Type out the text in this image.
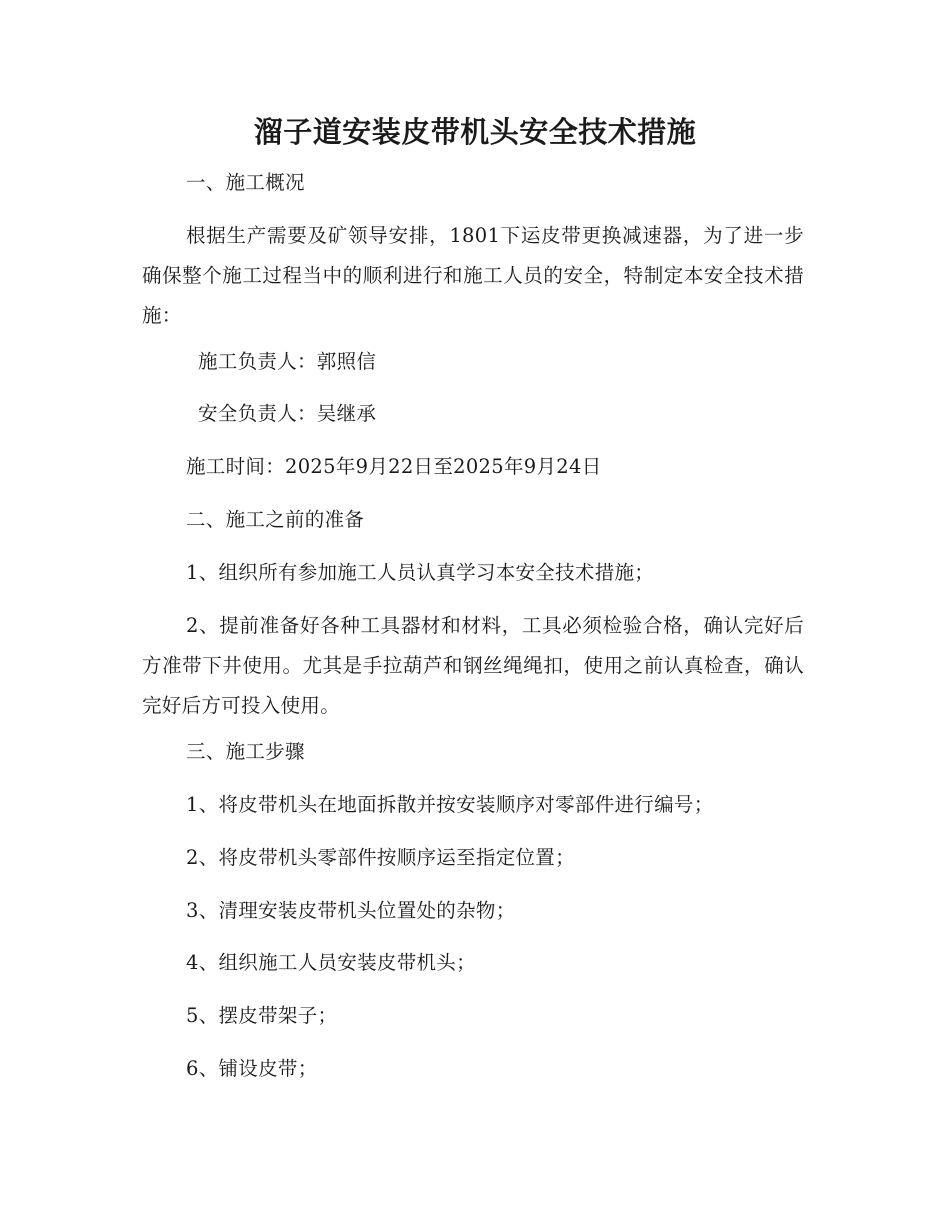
溜子道安装皮带机头安全技术措施
一、施工概况
根据生产需要及矿领导安排，1801下运皮带更换减速器，为了进一步确保整个施工过程当中的顺利进行和施工人员的安全，特制定本安全技术措施：
施工负责人：郭照信
安全负责人：吴继承
施工时间：2025年9月22日至2025年9月24日
二、施工之前的准备
1、组织所有参加施工人员认真学习本安全技术措施；
2、提前准备好各种工具器材和材料，工具必须检验合格，确认完好后方准带下井使用。尤其是手拉葫芦和钢丝绳绳扣，使用之前认真检查，确认完好后方可投入使用。
三、施工步骤
1、将皮带机头在地面拆散并按安装顺序对零部件进行编号；
2、将皮带机头零部件按顺序运至指定位置；
3、清理安装皮带机头位置处的杂物；
4、组织施工人员安装皮带机头；
5、摆皮带架子；
6、铺设皮带；
